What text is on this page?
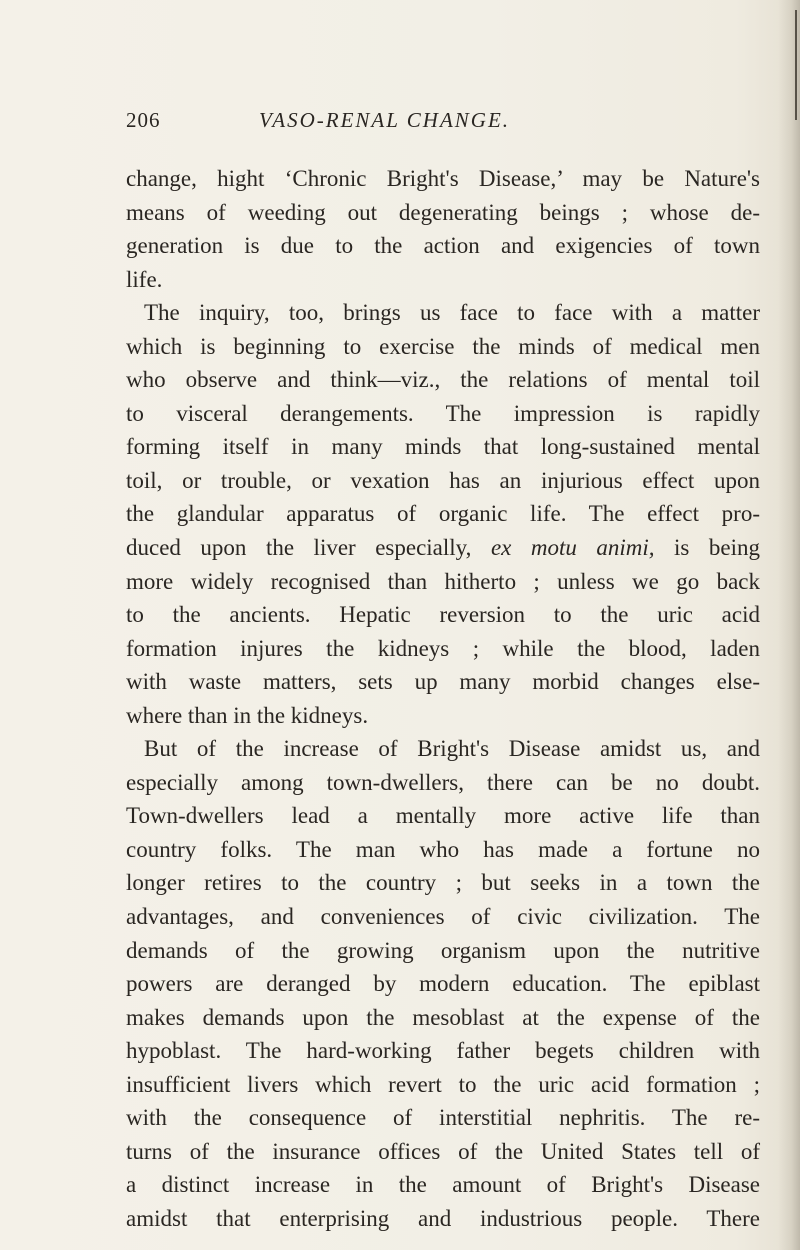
206	VASO-RENAL CHANGE.
change, hight ‘Chronic Bright's Disease,’ may be Nature's
means of weeding out degenerating beings ; whose de-
generation is due to the action and exigencies of town
life.
The inquiry, too, brings us face to face with a matter
which is beginning to exercise the minds of medical men
who observe and think—viz., the relations of mental toil
to visceral derangements. The impression is rapidly
forming itself in many minds that long-sustained mental
toil, or trouble, or vexation has an injurious effect upon
the glandular apparatus of organic life. The effect pro-
duced upon the liver especially, ex motu animi, is being
more widely recognised than hitherto ; unless we go back
to the ancients. Hepatic reversion to the uric acid
formation injures the kidneys ; while the blood, laden
with waste matters, sets up many morbid changes else-
where than in the kidneys.
But of the increase of Bright's Disease amidst us, and
especially among town-dwellers, there can be no doubt.
Town-dwellers lead a mentally more active life than
country folks. The man who has made a fortune no
longer retires to the country ; but seeks in a town the
advantages, and conveniences of civic civilization. The
demands of the growing organism upon the nutritive
powers are deranged by modern education. The epiblast
makes demands upon the mesoblast at the expense of the
hypoblast. The hard-working father begets children with
insufficient livers which revert to the uric acid formation ;
with the consequence of interstitial nephritis. The re-
turns of the insurance offices of the United States tell of
a distinct increase in the amount of Bright's Disease
amidst that enterprising and industrious people. There
